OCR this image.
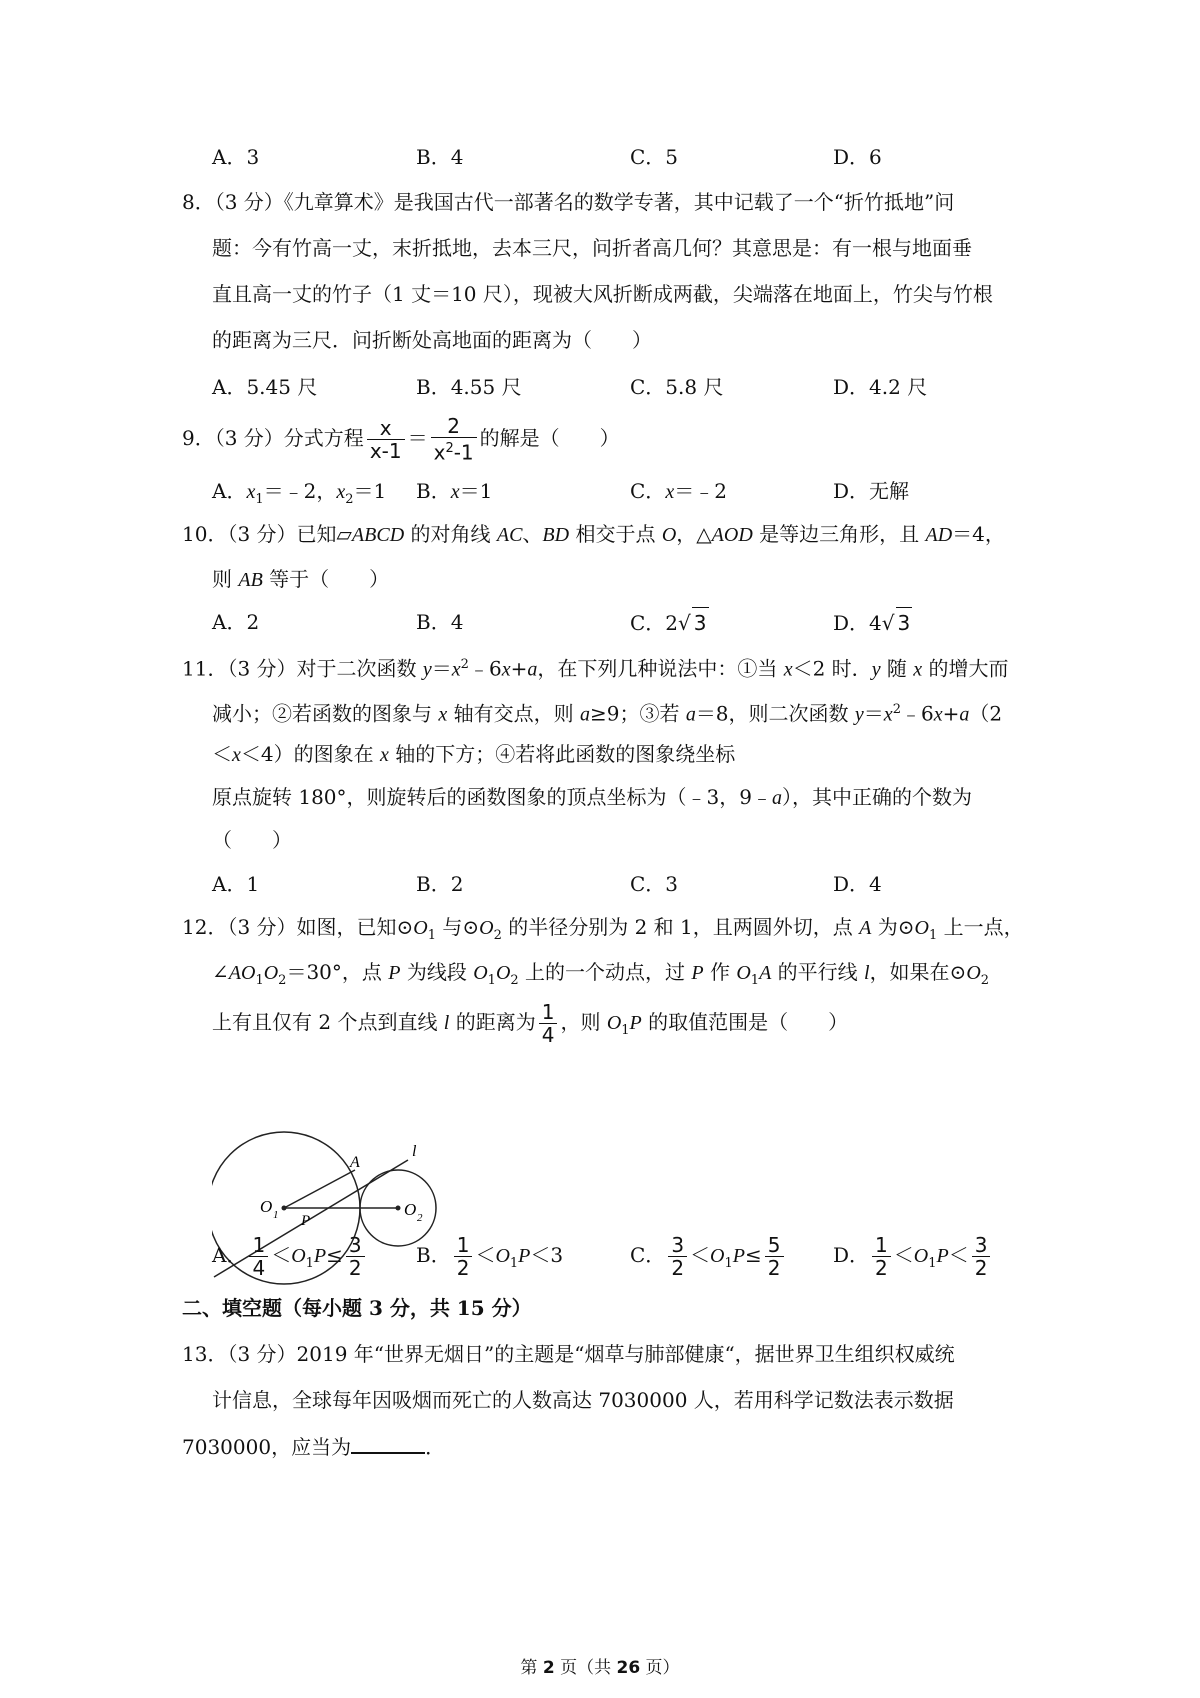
A．3	B．4	C．5	D．6
8．（3 分）《九章算术》是我国古代一部著名的数学专著，其中记载了一个“折竹抵地”问
题：今有竹高一丈，末折抵地，去本三尺，问折者高几何？其意思是：有一根与地面垂
直且高一丈的竹子（1 丈＝10 尺），现被大风折断成两截，尖端落在地面上，竹尖与竹根
的距离为三尺．问折断处高地面的距离为（　　）
A．5.45 尺	B．4.55 尺	C．5.8 尺	D．4.2 尺
9．（3 分）分式方程 $\frac{x}{x-1} = \frac{2}{x^2-1}$ 的解是（　　）
A．$x_1=﹣2$，$x_2=1$ B．x＝1	C．x＝﹣2	D．无解
10．（3 分）已知▱ABCD 的对角线 AC、BD 相交于点 O，△AOD 是等边三角形，且 AD＝4，
则 AB 等于（　　）
A．2	B．4	C．2√ 3	D．4√ 3
11．（3 分）对于二次函数 $y=x^2﹣6x+a$，在下列几种说法中：①当 x＜2 时．y 随 x 的增大而
减小；②若函数的图象与 x 轴有交点，则 a≥9；③若 a＝8，则二次函数 $y=x^2﹣6x+a(2$
＜x＜4）的图象在 x 轴的下方；④若将此函数的图象绕坐标
原点旋转 180°，则旋转后的函数图象的顶点坐标为（﹣3，9﹣a），其中正确的个数为
（　　）
A．1	B．2	C．3	D．4
12．（3 分）如图，已知$⊙O_1$ 与$⊙O_2$ 的半径分别为 2 和 1，且两圆外切，点 A 为$⊙O_1$ 上一点，
$\angle AO_1O_2=30^\circ$，点 P 为线段 $O_1O_2$ 上的一个动点，过 P 作 $O_1A$ 的平行线 l，如果在$⊙O_2$
上有且仅有 2 个点到直线 l 的距离为 $\frac{1}{4}$ ，则 $O_1P$ 的取值范围是（　　）
A
l
O 1 P
O 2
A． $\frac{1}{4} <O_1P\le \frac{3}{2}$	B． $\frac{1}{2} <O_1P<3$	C． $\frac{3}{2} <O_1P\le \frac{5}{2}$ D． $\frac{1}{2} <O_1P< \frac{3}{2}$
二、填空题（每小题 3 分，共 15 分）
13．（3 分）2019 年“世界无烟日”的主题是“烟草与肺部健康“，据世界卫生组织权威统
计信息，全球每年因吸烟而死亡的人数高达 7030000 人，若用科学记数法表示数据
7030000，应当为	．
第 2 页（共 26 页）
